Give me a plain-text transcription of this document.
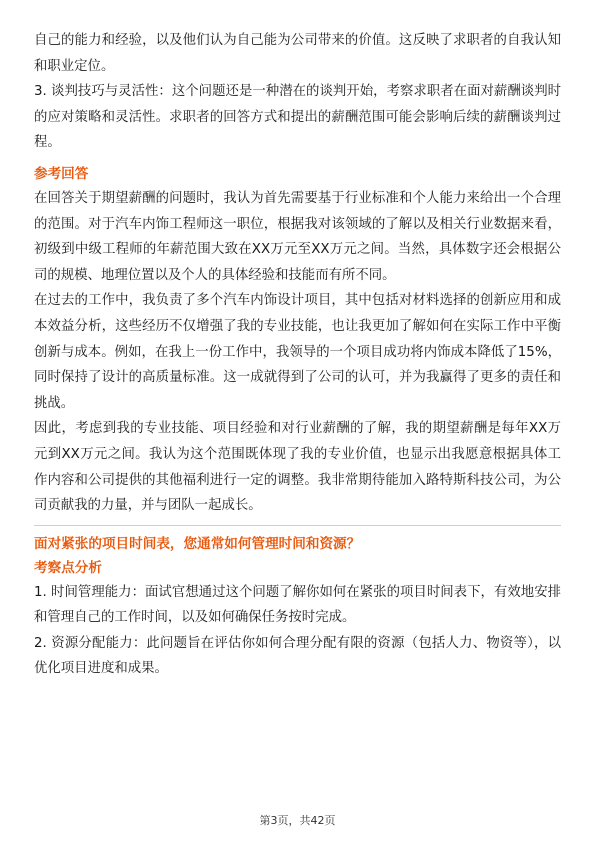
自己的能力和经验，以及他们认为自己能为公司带来的价值。这反映了求职者的自我认知和职业定位。

3. 谈判技巧与灵活性：这个问题还是一种潜在的谈判开始，考察求职者在面对薪酬谈判时的应对策略和灵活性。求职者的回答方式和提出的薪酬范围可能会影响后续的薪酬谈判过程。

参考回答

在回答关于期望薪酬的问题时，我认为首先需要基于行业标准和个人能力来给出一个合理的范围。对于汽车内饰工程师这一职位，根据我对该领域的了解以及相关行业数据来看，初级到中级工程师的年薪范围大致在XX万元至XX万元之间。当然，具体数字还会根据公司的规模、地理位置以及个人的具体经验和技能而有所不同。

在过去的工作中，我负责了多个汽车内饰设计项目，其中包括对材料选择的创新应用和成本效益分析，这些经历不仅增强了我的专业技能，也让我更加了解如何在实际工作中平衡创新与成本。例如，在我上一份工作中，我领导的一个项目成功将内饰成本降低了15%，同时保持了设计的高质量标准。这一成就得到了公司的认可，并为我赢得了更多的责任和挑战。

因此，考虑到我的专业技能、项目经验和对行业薪酬的了解，我的期望薪酬是每年XX万元到XX万元之间。我认为这个范围既体现了我的专业价值，也显示出我愿意根据具体工作内容和公司提供的其他福利进行一定的调整。我非常期待能加入路特斯科技公司，为公司贡献我的力量，并与团队一起成长。

面对紧张的项目时间表，您通常如何管理时间和资源？

考察点分析

1. 时间管理能力：面试官想通过这个问题了解你如何在紧张的项目时间表下，有效地安排和管理自己的工作时间，以及如何确保任务按时完成。

2. 资源分配能力：此问题旨在评估你如何合理分配有限的资源（包括人力、物资等），以优化项目进度和成果。

第3页，共42页
